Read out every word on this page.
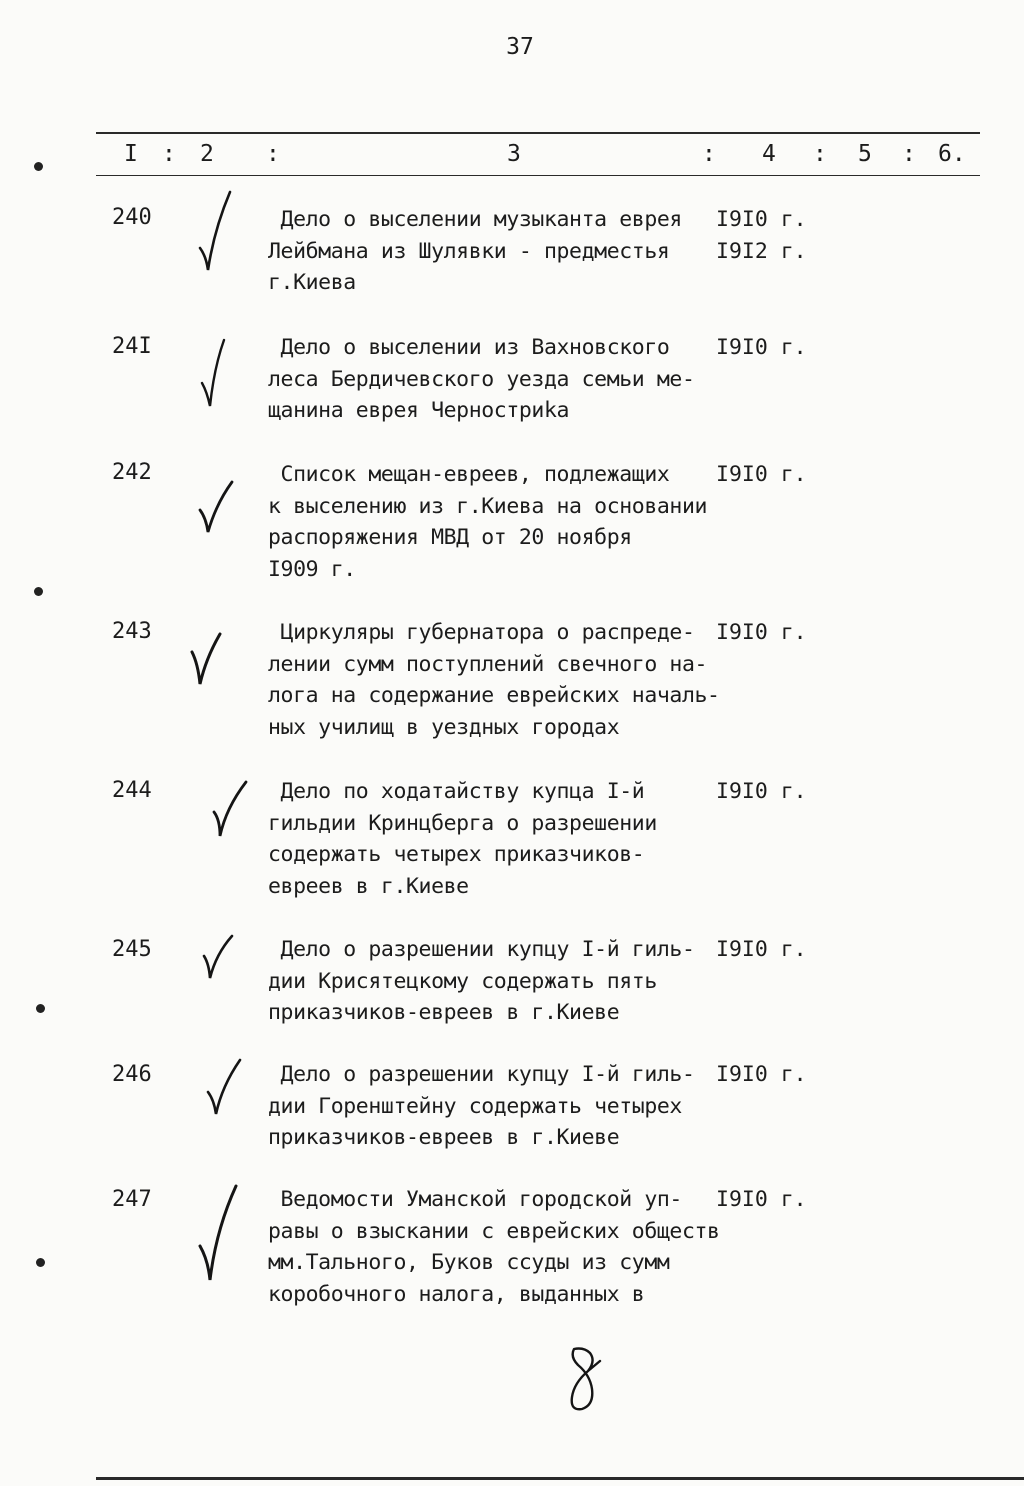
37
I : 2 :	3	: 4 : 5 : 6.
240	Дело о выселении музыканта еврея
Лейбмана из Шулявки - предместья
г.Киева
I9I0 г.
I9I2 г.
24I	Дело о выселении из Вахновского
леса Бердичевского уезда семьи ме-
щанина еврея Черностриka
I9I0 г.
242	Список мещан-евреев, подлежащих
к выселению из г.Киева на основании
распоряжения МВД от 20 ноября
I909 г.
I9I0 г.
243	Циркуляры губернатора о распреде-
лении сумм поступлений свечного на-
лога на содержание еврейских началь-
ных училищ в уездных городах
I9I0 г.
244	Дело по ходатайству купца I-й
гильдии Кринцберга о разрешении
содержать четырех приказчиков-
евреев в г.Киеве
I9I0 г.
245	Дело о разрешении купцу I-й гиль-
дии Крисятецкому содержать пять
приказчиков-евреев в г.Киеве
I9I0 г.
246	Дело о разрешении купцу I-й гиль-
дии Горенштейну содержать четырех
приказчиков-евреев в г.Киеве
I9I0 г.
247	Ведомости Уманской городской уп-
равы о взыскании с еврейских обществ
мм.Тального, Буков ссуды из сумм
коробочного налога, выданных в
I9I0 г.
